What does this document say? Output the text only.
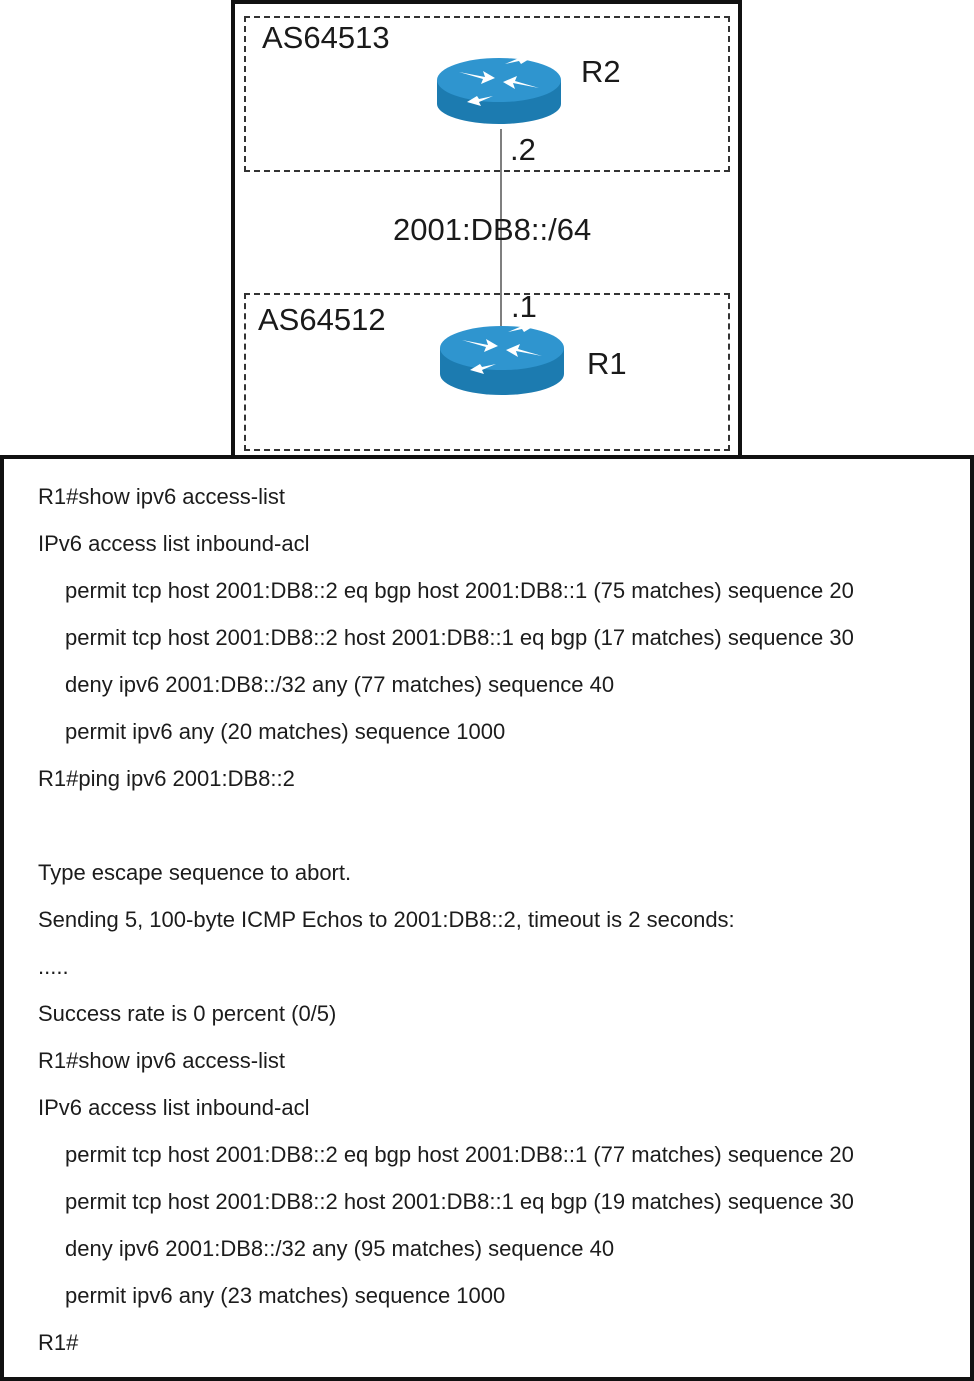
AS64513
AS64512
R2
R1
.2
.1
2001:DB8::/64
R1#show ipv6 access-list
IPv6 access list inbound-acl
permit tcp host 2001:DB8::2 eq bgp host 2001:DB8::1 (75 matches) sequence 20
permit tcp host 2001:DB8::2 host 2001:DB8::1 eq bgp (17 matches) sequence 30
deny ipv6 2001:DB8::/32 any (77 matches) sequence 40
permit ipv6 any (20 matches) sequence 1000
R1#ping ipv6 2001:DB8::2
Type escape sequence to abort.
Sending 5, 100-byte ICMP Echos to 2001:DB8::2, timeout is 2 seconds:
.....
Success rate is 0 percent (0/5)
R1#show ipv6 access-list
IPv6 access list inbound-acl
permit tcp host 2001:DB8::2 eq bgp host 2001:DB8::1 (77 matches) sequence 20
permit tcp host 2001:DB8::2 host 2001:DB8::1 eq bgp (19 matches) sequence 30
deny ipv6 2001:DB8::/32 any (95 matches) sequence 40
permit ipv6 any (23 matches) sequence 1000
R1#
